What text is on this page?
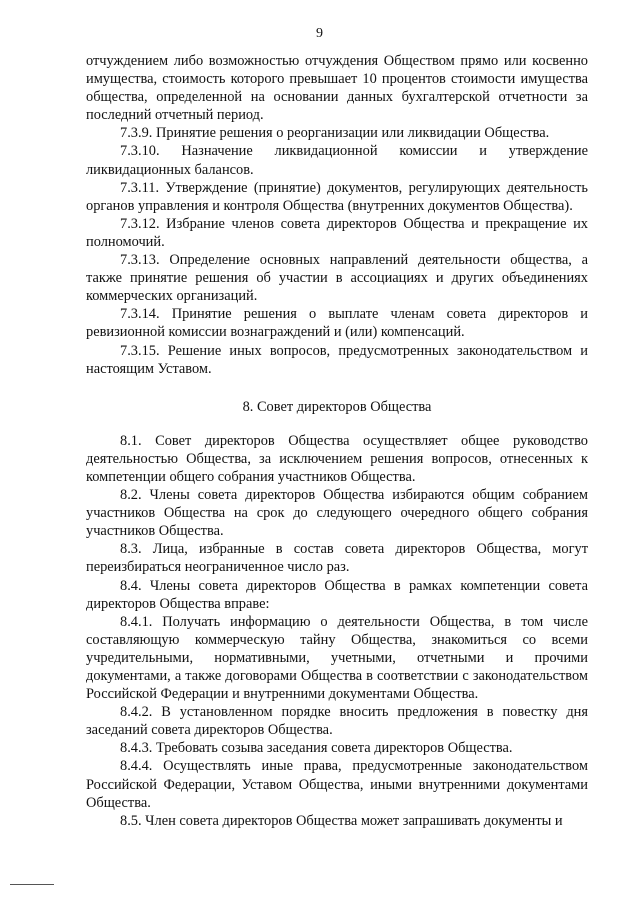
9

отчуждением либо возможностью отчуждения Обществом прямо или косвенно имущества, стоимость которого превышает 10 процентов стоимости имущества общества, определенной на основании данных бухгалтерской отчетности за последний отчетный период.

7.3.9. Принятие решения о реорганизации или ликвидации Общества.

7.3.10. Назначение ликвидационной комиссии и утверждение ликвидационных балансов.

7.3.11. Утверждение (принятие) документов, регулирующих деятельность органов управления и контроля Общества (внутренних документов Общества).

7.3.12. Избрание членов совета директоров Общества и прекращение их полномочий.

7.3.13. Определение основных направлений деятельности общества, а также принятие решения об участии в ассоциациях и других объединениях коммерческих организаций.

7.3.14. Принятие решения о выплате членам совета директоров и ревизионной комиссии вознаграждений и (или) компенсаций.

7.3.15. Решение иных вопросов, предусмотренных законодательством и настоящим Уставом.

8. Совет директоров Общества

8.1. Совет директоров Общества осуществляет общее руководство деятельностью Общества, за исключением решения вопросов, отнесенных к компетенции общего собрания участников Общества.

8.2. Члены совета директоров Общества избираются общим собранием участников Общества на срок до следующего очередного общего собрания участников Общества.

8.3. Лица, избранные в состав совета директоров Общества, могут переизбираться неограниченное число раз.

8.4. Члены совета директоров Общества в рамках компетенции совета директоров Общества вправе:

8.4.1. Получать информацию о деятельности Общества, в том числе составляющую коммерческую тайну Общества, знакомиться со всеми учредительными, нормативными, учетными, отчетными и прочими документами, а также договорами Общества в соответствии с законодательством Российской Федерации и внутренними документами Общества.

8.4.2. В установленном порядке вносить предложения в повестку дня заседаний совета директоров Общества.

8.4.3. Требовать созыва заседания совета директоров Общества.

8.4.4. Осуществлять иные права, предусмотренные законодательством Российской Федерации, Уставом Общества, иными внутренними документами Общества.

8.5. Член совета директоров Общества может запрашивать документы и
